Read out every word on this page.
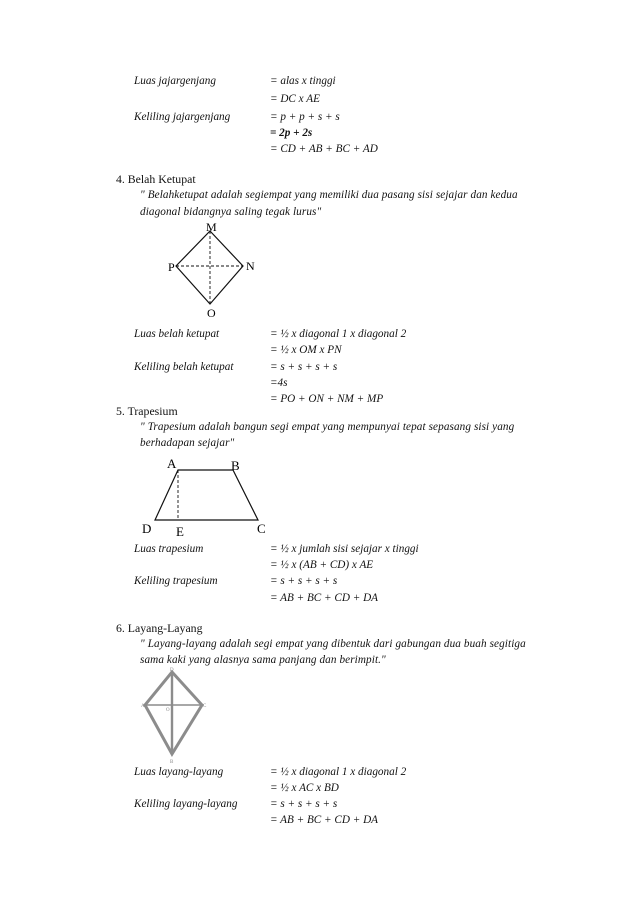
Luas jajargenjang	= alas x tinggi
= DC x AE
Keliling jajargenjang	= p + p + s + s
= 2p + 2s
= CD + AB + BC + AD
4. Belah Ketupat
" Belahketupat adalah segiempat yang memiliki dua pasang sisi sejajar dan kedua
diagonal bidangnya saling tegak lurus"
M
P	N
O
Luas belah ketupat	= ½ x diagonal 1 x diagonal 2
= ½ x OM x PN
Keliling belah ketupat	= s + s + s + s
=4s
= PO + ON + NM + MP
5. Trapesium
" Trapesium adalah bangun segi empat yang mempunyai tepat sepasang sisi yang
berhadapan sejajar"
A	B
C
D E
Luas trapesium	= ½ x jumlah sisi sejajar x tinggi
= ½ x (AB + CD) x AE
Keliling trapesium	= s + s + s + s
= AB + BC + CD + DA
6. Layang-Layang
" Layang-layang adalah segi empat yang dibentuk dari gabungan dua buah segitiga
sama kaki yang alasnya sama panjang dan berimpit."
A
B
C
D
O
Luas layang-layang	= ½ x diagonal 1 x diagonal 2
= ½ x AC x BD
Keliling layang-layang	= s + s + s + s
= AB + BC + CD + DA
